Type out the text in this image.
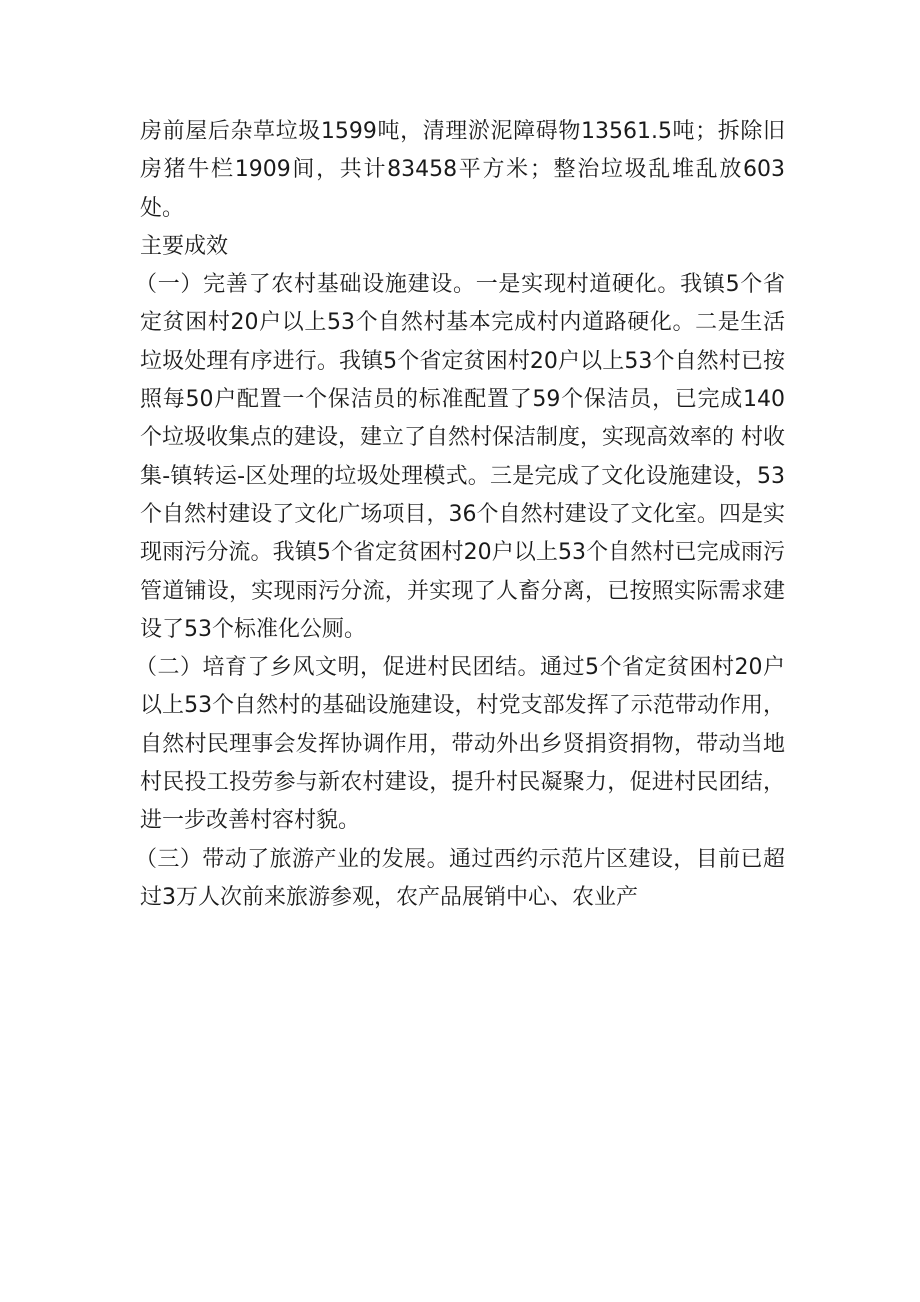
房前屋后杂草垃圾1599吨，清理淤泥障碍物13561.5吨；拆除旧房猪牛栏1909间，共计83458平方米；整治垃圾乱堆乱放603处。

主要成效

（一）完善了农村基础设施建设。一是实现村道硬化。我镇5个省定贫困村20户以上53个自然村基本完成村内道路硬化。二是生活垃圾处理有序进行。我镇5个省定贫困村20户以上53个自然村已按照每50户配置一个保洁员的标准配置了59个保洁员，已完成140个垃圾收集点的建设，建立了自然村保洁制度，实现高效率的 村收集-镇转运-区处理的垃圾处理模式。三是完成了文化设施建设，53个自然村建设了文化广场项目，36个自然村建设了文化室。四是实现雨污分流。我镇5个省定贫困村20户以上53个自然村已完成雨污管道铺设，实现雨污分流，并实现了人畜分离，已按照实际需求建设了53个标准化公厕。

（二）培育了乡风文明，促进村民团结。通过5个省定贫困村20户以上53个自然村的基础设施建设，村党支部发挥了示范带动作用，自然村民理事会发挥协调作用，带动外出乡贤捐资捐物，带动当地村民投工投劳参与新农村建设，提升村民凝聚力，促进村民团结，进一步改善村容村貌。

（三）带动了旅游产业的发展。通过西约示范片区建设，目前已超过3万人次前来旅游参观，农产品展销中心、农业产
